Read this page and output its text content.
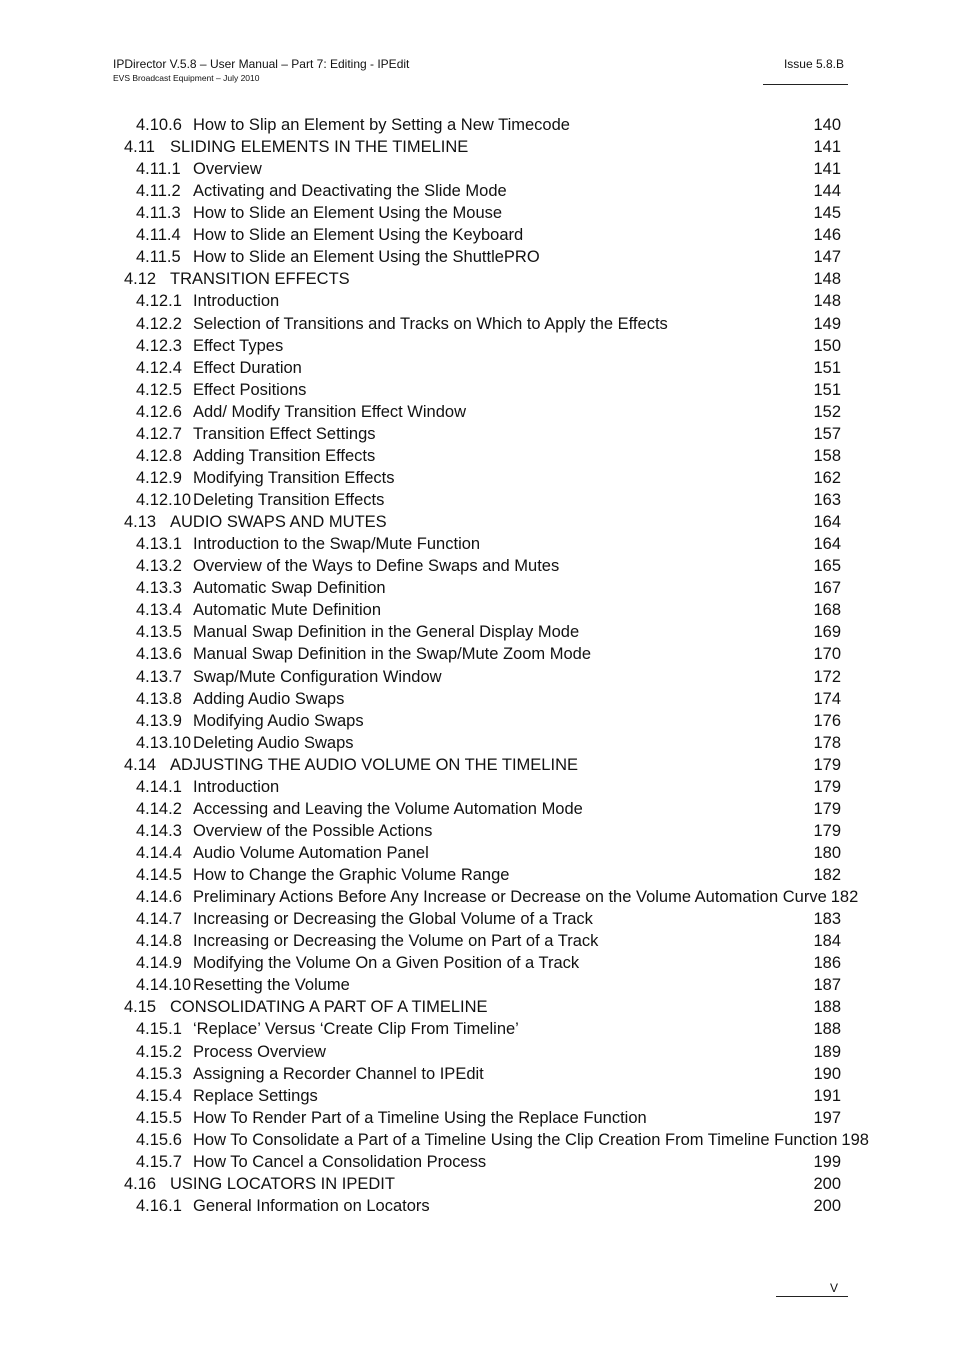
IPDirector V.5.8 – User Manual – Part 7: Editing - IPEdit
EVS Broadcast Equipment – July 2010
Issue 5.8.B
4.10.6 How to Slip an Element by Setting a New Timecode	140
4.11 SLIDING ELEMENTS IN THE TIMELINE	141
4.11.1 Overview	141
4.11.2 Activating and Deactivating the Slide Mode	144
4.11.3 How to Slide an Element Using the Mouse	145
4.11.4 How to Slide an Element Using the Keyboard	146
4.11.5 How to Slide an Element Using the ShuttlePRO	147
4.12 TRANSITION EFFECTS	148
4.12.1 Introduction	148
4.12.2 Selection of Transitions and Tracks on Which to Apply the Effects	149
4.12.3 Effect Types	150
4.12.4 Effect Duration	151
4.12.5 Effect Positions	151
4.12.6 Add/ Modify Transition Effect Window	152
4.12.7 Transition Effect Settings	157
4.12.8 Adding Transition Effects	158
4.12.9 Modifying Transition Effects	162
4.12.10 Deleting Transition Effects	163
4.13 AUDIO SWAPS AND MUTES	164
4.13.1 Introduction to the Swap/Mute Function	164
4.13.2 Overview of the Ways to Define Swaps and Mutes	165
4.13.3 Automatic Swap Definition	167
4.13.4 Automatic Mute Definition	168
4.13.5 Manual Swap Definition in the General Display Mode	169
4.13.6 Manual Swap Definition in the Swap/Mute Zoom Mode	170
4.13.7 Swap/Mute Configuration Window	172
4.13.8 Adding Audio Swaps	174
4.13.9 Modifying Audio Swaps	176
4.13.10 Deleting Audio Swaps	178
4.14 ADJUSTING THE AUDIO VOLUME ON THE TIMELINE	179
4.14.1 Introduction	179
4.14.2 Accessing and Leaving the Volume Automation Mode	179
4.14.3 Overview of the Possible Actions	179
4.14.4 Audio Volume Automation Panel	180
4.14.5 How to Change the Graphic Volume Range	182
4.14.6 Preliminary Actions Before Any Increase or Decrease on the Volume Automation Curve 182
4.14.7 Increasing or Decreasing the Global Volume of a Track	183
4.14.8 Increasing or Decreasing the Volume on Part of a Track	184
4.14.9 Modifying the Volume On a Given Position of a Track	186
4.14.10 Resetting the Volume	187
4.15 CONSOLIDATING A PART OF A TIMELINE	188
4.15.1 ‘Replace’ Versus ‘Create Clip From Timeline’	188
4.15.2 Process Overview	189
4.15.3 Assigning a Recorder Channel to IPEdit	190
4.15.4 Replace Settings	191
4.15.5 How To Render Part of a Timeline Using the Replace Function	197
4.15.6 How To Consolidate a Part of a Timeline Using the Clip Creation From Timeline Function 198
4.15.7 How To Cancel a Consolidation Process	199
4.16 USING LOCATORS IN IPEDIT	200
4.16.1 General Information on Locators	200
V
